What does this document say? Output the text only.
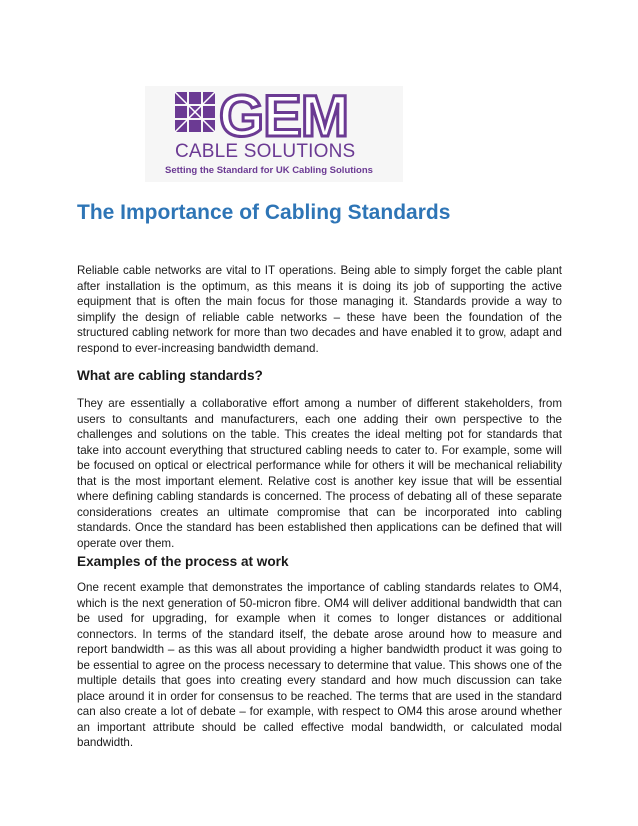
GEM
CABLE SOLUTIONS
Setting the Standard for UK Cabling Solutions
The Importance of Cabling Standards

Reliable cable networks are vital to IT operations. Being able to simply forget the cable plant after installation is the optimum, as this means it is doing its job of supporting the active equipment that is often the main focus for those managing it. Standards provide a way to simplify the design of reliable cable networks – these have been the foundation of the structured cabling network for more than two decades and have enabled it to grow, adapt and respond to ever-increasing bandwidth demand.

What are cabling standards?

They are essentially a collaborative effort among a number of different stakeholders, from users to consultants and manufacturers, each one adding their own perspective to the challenges and solutions on the table. This creates the ideal melting pot for standards that take into account everything that structured cabling needs to cater to. For example, some will be focused on optical or electrical performance while for others it will be mechanical reliability that is the most important element. Relative cost is another key issue that will be essential where defining cabling standards is concerned. The process of debating all of these separate considerations creates an ultimate compromise that can be incorporated into cabling standards. Once the standard has been established then applications can be defined that will operate over them.

Examples of the process at work

One recent example that demonstrates the importance of cabling standards relates to OM4, which is the next generation of 50-micron fibre. OM4 will deliver additional bandwidth that can be used for upgrading, for example when it comes to longer distances or additional connectors. In terms of the standard itself, the debate arose around how to measure and report bandwidth – as this was all about providing a higher bandwidth product it was going to be essential to agree on the process necessary to determine that value. This shows one of the multiple details that goes into creating every standard and how much discussion can take place around it in order for consensus to be reached. The terms that are used in the standard can also create a lot of debate – for example, with respect to OM4 this arose around whether an important attribute should be called effective modal bandwidth, or calculated modal bandwidth.
